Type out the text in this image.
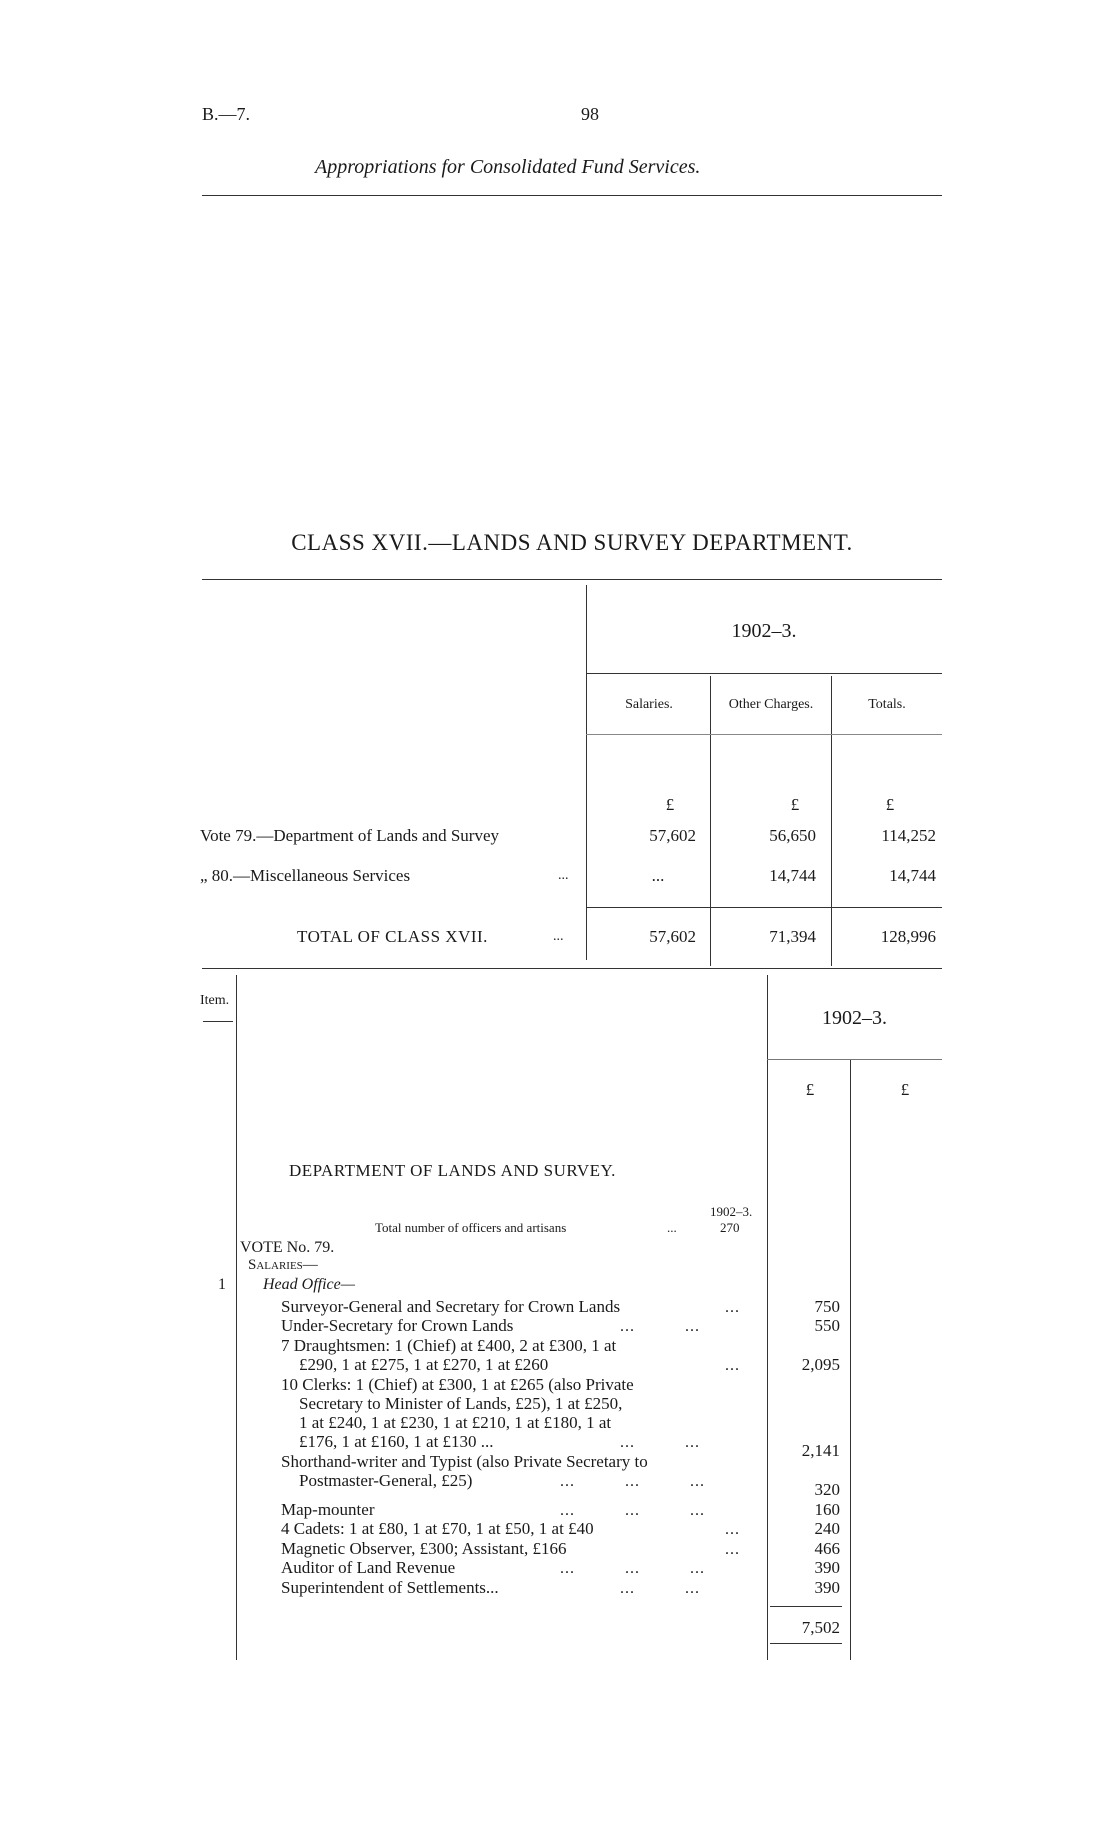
B.—7.	98
Appropriations for Consolidated Fund Services.
CLASS XVII.—LANDS AND SURVEY DEPARTMENT.
1902–3.
Salaries.	Other Charges.	Totals.
£	£	£
Vote 79.—Department of Lands and Survey	57,602	56,650	114,252
„ 80.—Miscellaneous Services	...	...	14,744	14,744
TOTAL OF CLASS XVII.	...	57,602	71,394	128,996
Item.
1902–3.
£	£
DEPARTMENT OF LANDS AND SURVEY.
1902–3.
Total number of officers and artisans	...	270
VOTE No. 79.
Salaries—
1 Head Office—
Surveyor-General and Secretary for Crown Lands	...	750
Under-Secretary for Crown Lands	...          ...	550
7 Draughtsmen: 1 (Chief) at £400, 2 at £300, 1 at
£290, 1 at £275, 1 at £270, 1 at £260	...	2,095
10 Clerks: 1 (Chief) at £300, 1 at £265 (also Private
Secretary to Minister of Lands, £25), 1 at £250,
1 at £240, 1 at £230, 1 at £210, 1 at £180, 1 at
£176, 1 at £160, 1 at £130 ...	...          ...	2,141
Shorthand-writer and Typist (also Private Secretary to
Postmaster-General, £25)	...          ...          ...	320
Map-mounter	...          ...          ...	160
4 Cadets: 1 at £80, 1 at £70, 1 at £50, 1 at £40	...	240
Magnetic Observer, £300; Assistant, £166	...	466
Auditor of Land Revenue	...          ...          ...	390
Superintendent of Settlements...	...          ...	390
7,502
